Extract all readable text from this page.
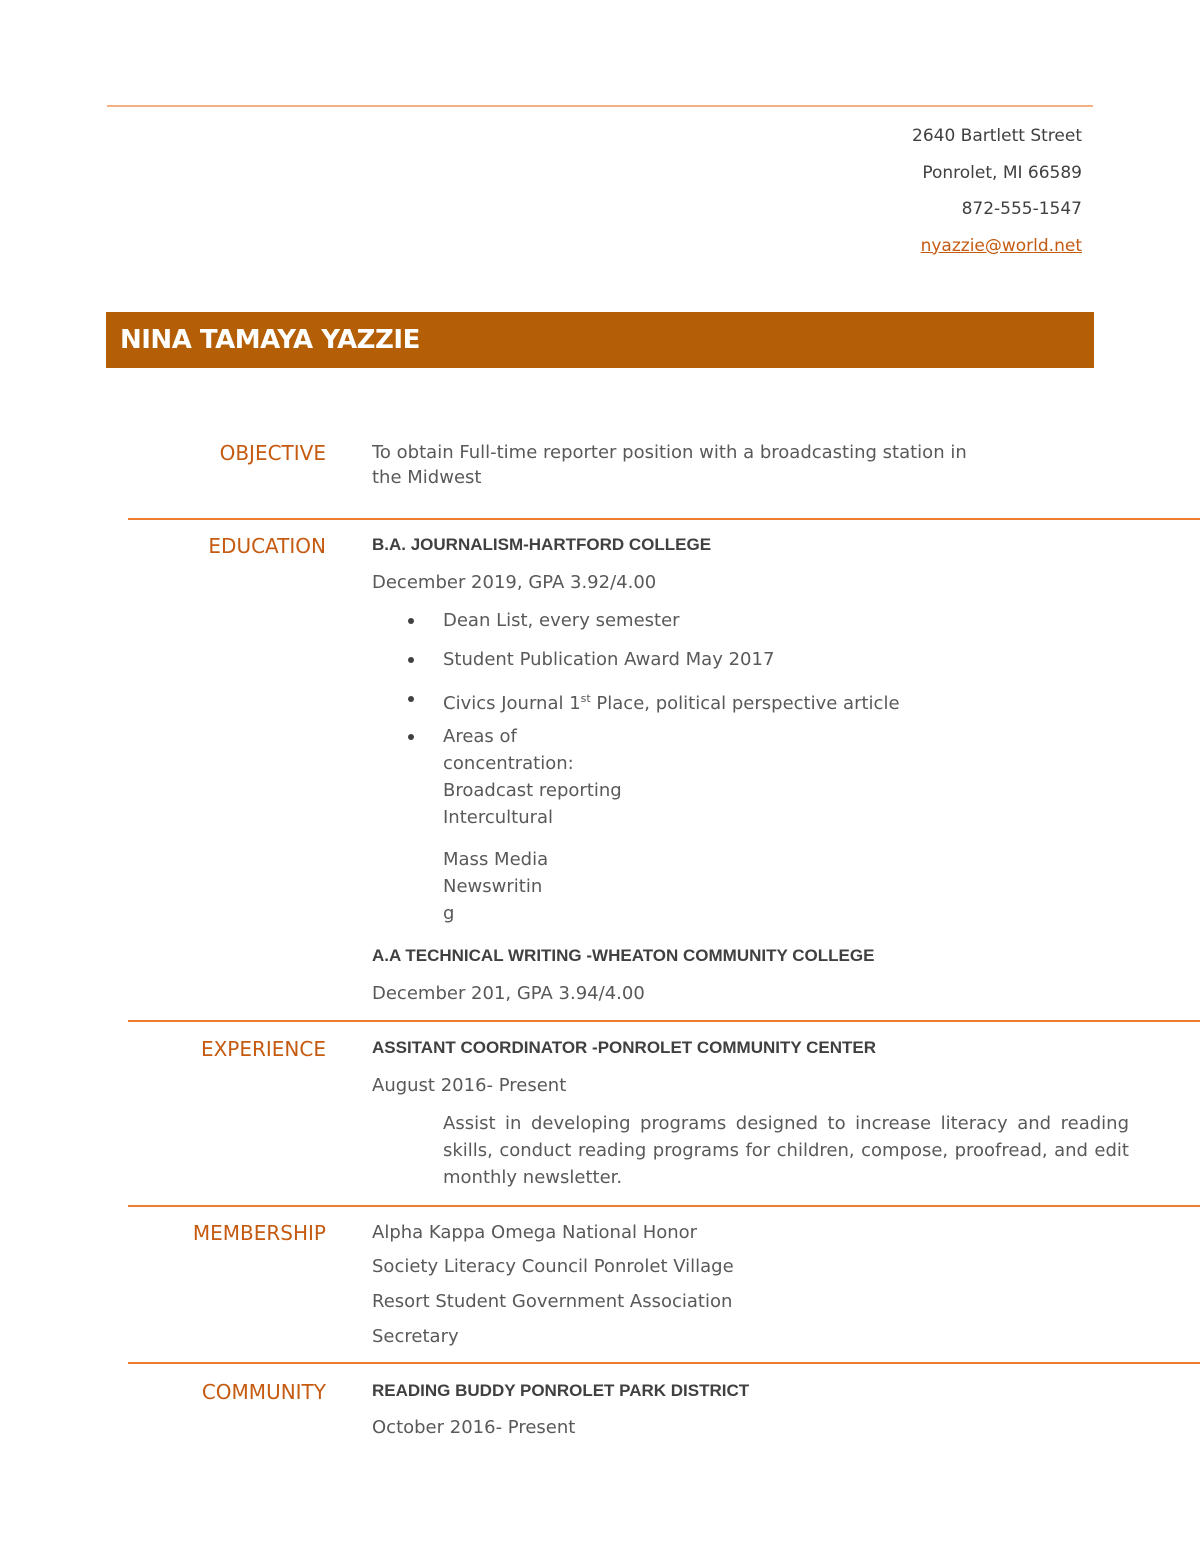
2640 Bartlett Street
Ponrolet, MI 66589
872-555-1547
nyazzie@world.net
NINA TAMAYA YAZZIE
OBJECTIVE	To obtain Full-time reporter position with a broadcasting station in
the Midwest
EDUCATION	B.A. JOURNALISM-HARTFORD COLLEGE
December 2019, GPA 3.92/4.00
Dean List, every semester
Student Publication Award May 2017
Civics Journal 1st Place, political perspective article
Areas of
concentration:
Broadcast reporting
Intercultural
Mass Media
Newswritin
g
A.A TECHNICAL WRITING -WHEATON COMMUNITY COLLEGE
December 201, GPA 3.94/4.00
EXPERIENCE	ASSITANT COORDINATOR -PONROLET COMMUNITY CENTER
August 2016- Present
Assist in developing programs designed to increase literacy and reading skills, conduct reading programs for children, compose, proofread, and edit monthly newsletter.
MEMBERSHIP	Alpha Kappa Omega National Honor
Society Literacy Council Ponrolet Village
Resort Student Government Association
Secretary
COMMUNITY	READING BUDDY PONROLET PARK DISTRICT
October 2016- Present
